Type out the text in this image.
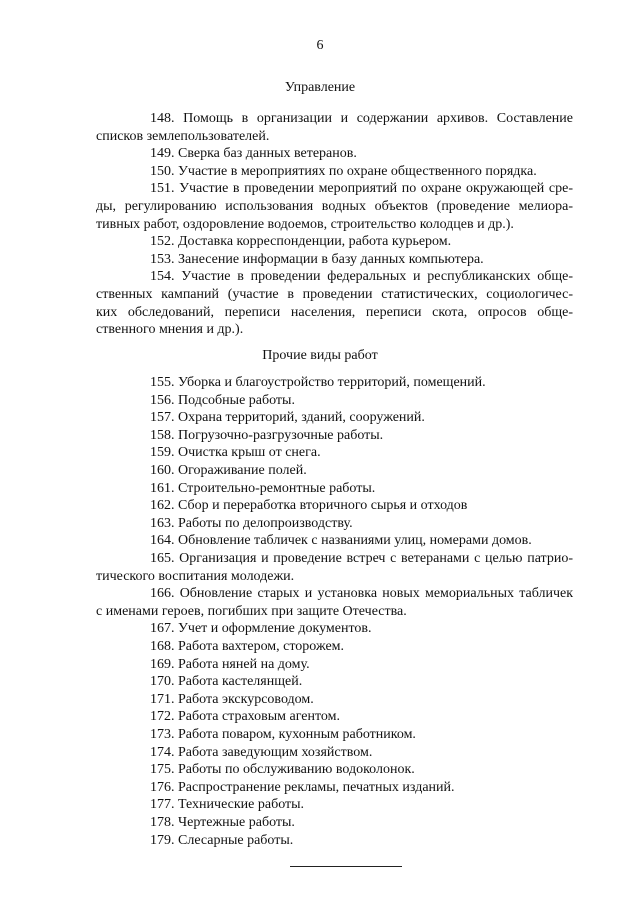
6
Управление
148. Помощь в организации и содержании архивов. Составление
списков землепользователей.
149. Сверка баз данных ветеранов.
150. Участие в мероприятиях по охране общественного порядка.
151. Участие в проведении мероприятий по охране окружающей сре-
ды, регулированию использования водных объектов (проведение мелиора-
тивных работ, оздоровление водоемов, строительство колодцев и др.).
152. Доставка корреспонденции, работа курьером.
153. Занесение информации в базу данных компьютера.
154. Участие в проведении федеральных и республиканских обще-
ственных кампаний (участие в проведении статистических, социологичес-
ких обследований, переписи населения, переписи скота, опросов обще-
ственного мнения и др.).
Прочие виды работ
155. Уборка и благоустройство территорий, помещений.
156. Подсобные работы.
157. Охрана территорий, зданий, сооружений.
158. Погрузочно-разгрузочные работы.
159. Очистка крыш от снега.
160. Огораживание полей.
161. Строительно-ремонтные работы.
162. Сбор и переработка вторичного сырья и отходов
163. Работы по делопроизводству.
164. Обновление табличек с названиями улиц, номерами домов.
165. Организация и проведение встреч с ветеранами с целью патрио-
тического воспитания молодежи.
166. Обновление старых и установка новых мемориальных табличек
с именами героев, погибших при защите Отечества.
167. Учет и оформление документов.
168. Работа вахтером, сторожем.
169. Работа няней на дому.
170. Работа кастелянщей.
171. Работа экскурсоводом.
172. Работа страховым агентом.
173. Работа поваром, кухонным работником.
174. Работа заведующим хозяйством.
175. Работы по обслуживанию водоколонок.
176. Распространение рекламы, печатных изданий.
177. Технические работы.
178. Чертежные работы.
179. Слесарные работы.
